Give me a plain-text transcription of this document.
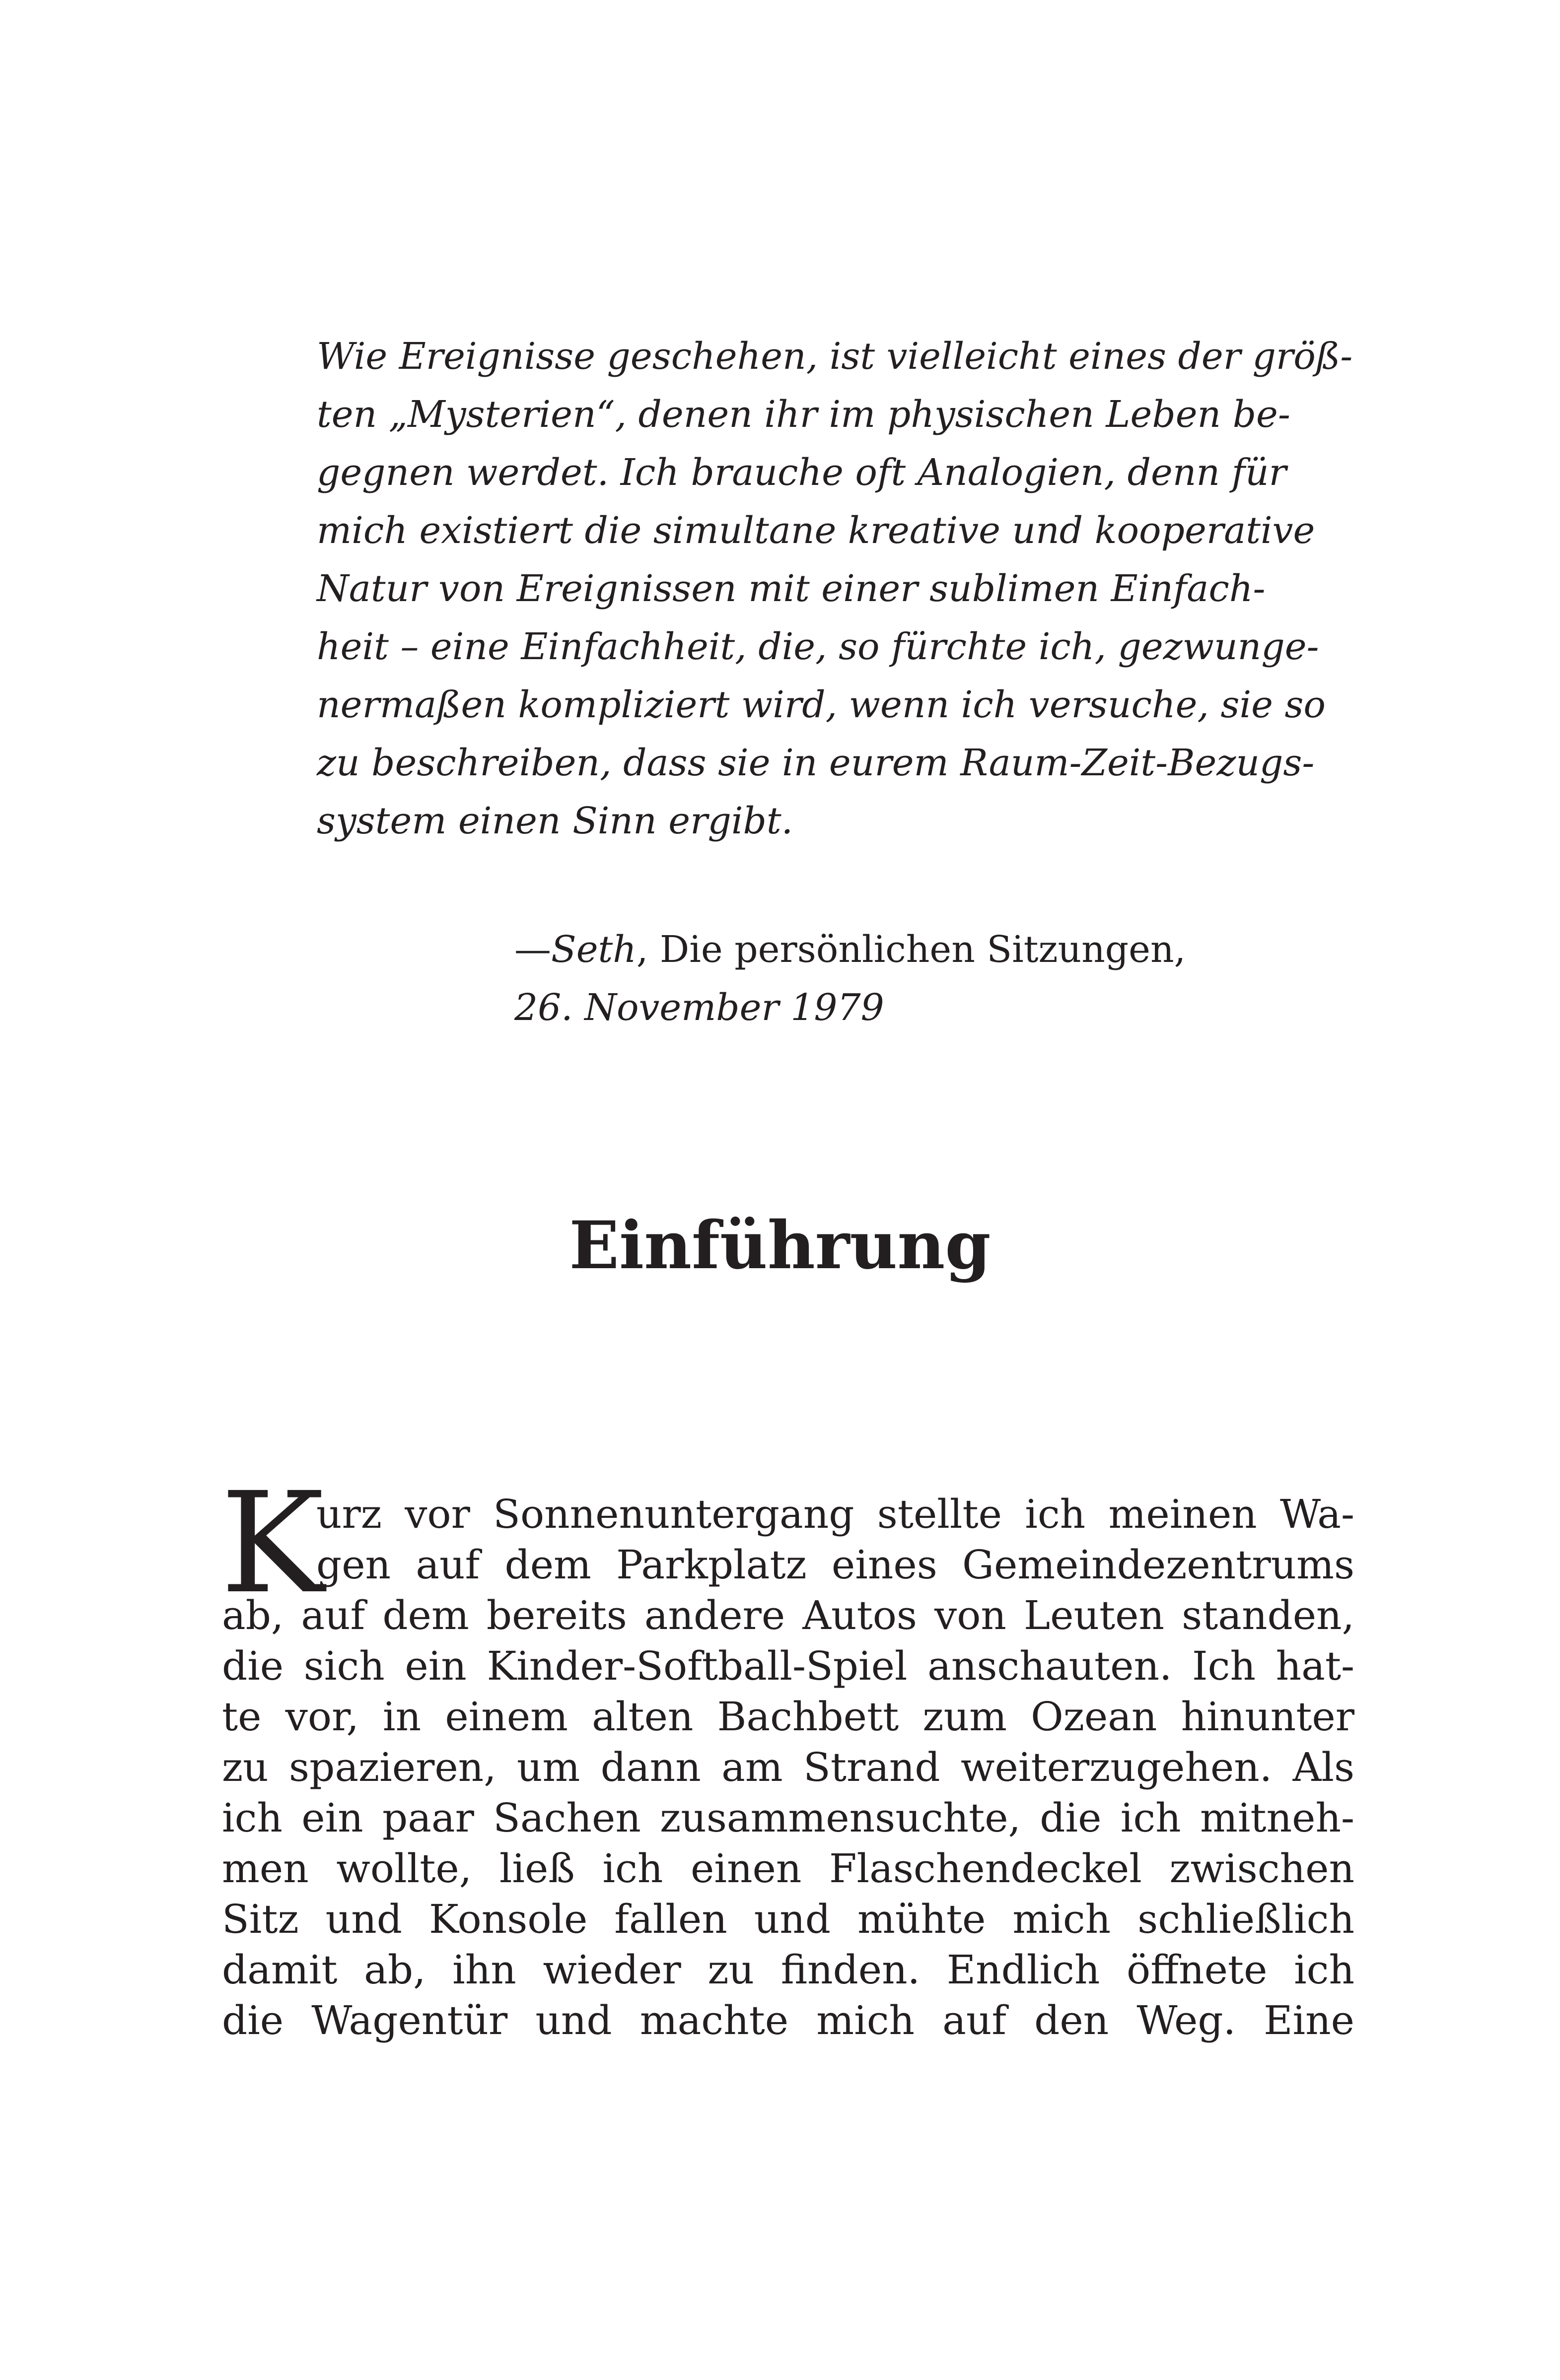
Wie Ereignisse geschehen, ist vielleicht eines der größ-
ten „Mysterien“, denen ihr im physischen Leben be-
gegnen werdet. Ich brauche oft Analogien, denn für
mich existiert die simultane kreative und kooperative
Natur von Ereignissen mit einer sublimen Einfach-
heit – eine Einfachheit, die, so fürchte ich, gezwunge-
nermaßen kompliziert wird, wenn ich versuche, sie so
zu beschreiben, dass sie in eurem Raum-Zeit-Bezugs-
system einen Sinn ergibt.
—Seth, Die persönlichen Sitzungen,
26. November 1979
Einführung
K
urz vor Sonnenuntergang stellte ich meinen Wa-
gen auf dem Parkplatz eines Gemeindezentrums
ab, auf dem bereits andere Autos von Leuten standen,
die sich ein Kinder-Softball-Spiel anschauten. Ich hat-
te vor, in einem alten Bachbett zum Ozean hinunter
zu spazieren, um dann am Strand weiterzugehen. Als
ich ein paar Sachen zusammensuchte, die ich mitneh-
men wollte, ließ ich einen Flaschendeckel zwischen
Sitz und Konsole fallen und mühte mich schließlich
damit ab, ihn wieder zu finden. Endlich öffnete ich
die Wagentür und machte mich auf den Weg. Eine
